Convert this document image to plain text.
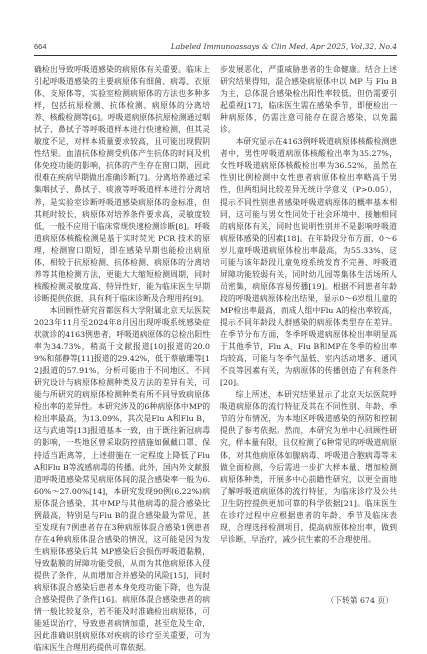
664	Labeled Immunoassays & Clin Med, Apr 2025, Vol.32, No.4

确检出导致呼吸道感染的病原体有关重要。临床上引起呼吸道感染的主要病原体有细菌、病毒、衣原体、支原体等，实验室检测病原体的方法也多种多样，包括抗原检测、抗体检测、病原体的分离培养、核酸检测等[6]。呼吸道病原体抗原检测通过咽拭子、鼻拭子等呼吸道样本进行快速检测，但其灵敏度不足，对样本质量要求较高，且可能出现假阴性结果。血清抗体检测受机体产生抗体的时间及机体免疫功能的影响，抗体的产生存在窗口期，因此很难在疾病早期做出准确诊断[7]。分离培养通过采集咽拭子、鼻拭子、痰液等呼吸道样本进行分离培养，是实验室诊断呼吸道感染病原体的金标准，但其耗时较长，病原体对培养条件要求高，灵敏度较低，一般不应用于临床常规快速检测诊断[8]。呼吸道病原体核酸检测是基于实时荧光 PCR 技术的原理，检测窗口期短，即在感染早期也能检出病原体，相较于抗原检测、抗体检测、病原体的分离培养等其他检测方法，更能大大缩短检测周期，同时核酸检测灵敏度高、特异性好，能为临床医生早期诊断提供依据，具有利于临床诊断及合理用药[9]。

本回顾性研究首都医科大学附属北京天坛医院2023年11月至2024年8月因出现呼吸系统感染症状就诊的4163例患者，呼吸道病原体的总检出阳性率为34.73%，稍高于文献报道[10]报道的20.09%和郁静等[11]报道的29.42%，低于蔡敏珊等[12]报道的57.91%，分析可能由于不同地区、不同研究设计与病原体检测种类及方法的差异有关，可能与所研究的病原体检测种类有所不同导致病原体检出率的差异性。本研究涉及的6种病原体中MP的检出率最高，为13.09%，其次是Flu A和Flu B，这与武迪等[13]报道基本一致，由于既往新冠病毒的影响，一些地区曾采取防控措施如佩戴口罩、保持适当距离等，上述措施在一定程度上降低了Flu A和Flu B等流感病毒的传播。此外，国内外文献报道呼吸道感染常见病原体间的混合感染率一般为6.60%～27.00%[14]，本研究发现90例(6.22%)病原体混合感染，其中MP与其他病毒的混合感染比例最高，特别是与Flu B的混合感染最为常见，甚至发现有7例患者存在3种病原体混合感染1例患者存在4种病原体混合感染的情况，这可能是因为发生病原体感染后其 MP感染后会损伤呼吸道黏膜，导致黏膜的屏障功能受损，从而为其他病原体入侵提供了条件，从而增加合并感染的风险[15]，同时病原体混合感染后患者本身免疫功能下降，也为混合感染提供了条件[16]。病原体混合感染患者的病情一般比较复杂，若不能及时准确检出病原体，可能延误治疗，导致患者病情加重，甚至危及生命，因此准确识别病原体对疾病的诊疗至关重要，可为临床医生合理用药提供可靠依据。

步发展恶化，严重威胁患者的生命健康。结合上述研究结果得知，混合感染病原体中以 MP 与 Flu B 为主，总体混合感染检出阳性率较低，但仍需要引起重视[17]，临床医生需在感染季节，即便检出一种病原体，仍需注意可能存在混合感染，以免漏诊。

本研究显示在4163例呼吸道病原体核酸检测患者中，男性呼吸道病原体核酸检出率为35.27%，女性呼吸道病原体核酸检出率为36.52%，虽然在性别比例检测中女性患者病原体检出率略高于男性，但两组间比较差异无统计学意义（P>0.05），提示不同性别患者感染呼吸道病原体的概率基本相同，这可能与男女性同处于社会环境中、接触相同的病原体有关，同时也说明性别并不是影响呼吸道病原体感染的因素[18]。在年龄段分布方面，0～6岁儿童呼吸道病原体检出率最高，为55.33%，这可能与该年龄段儿童免疫系统发育不完善、呼吸道屏障功能较弱有关，同时幼儿园等集体生活场所人员密集，病原体容易传播[19]。根据不同患者年龄段的呼吸道病原体检出结果，显示0～6岁组儿童的MP检出率最高，而成人组中Flu A的检出率较高，提示不同年龄段人群感染的病原体类型存在差异。在季节分布方面，冬季呼吸道病原体检出率明显高于其他季节，Flu A、Flu B和MP在冬季的检出率均较高，可能与冬季气温低、室内活动增多、通风不良等因素有关，为病原体的传播创造了有利条件[20]。

综上所述，本研究结果显示了北京天坛医院呼吸道病原体的流行特征及其在不同性别、年龄、季节的分布情况，为本地区呼吸道感染的预防和控制提供了参考依据。然而，本研究为单中心回顾性研究，样本量有限，且仅检测了6种常见的呼吸道病原体，对其他病原体如腺病毒、呼吸道合胞病毒等未做全面检测，今后需进一步扩大样本量、增加检测病原体种类，开展多中心前瞻性研究，以更全面地了解呼吸道病原体的流行特征，为临床诊疗及公共卫生防控提供更加可靠的科学依据[21]。临床医生在诊疗过程中应根据患者的年龄、季节及临床表现，合理选择检测项目，提高病原体检出率，做到早诊断、早治疗，减少抗生素的不合理使用。

（下转第 674 页）
